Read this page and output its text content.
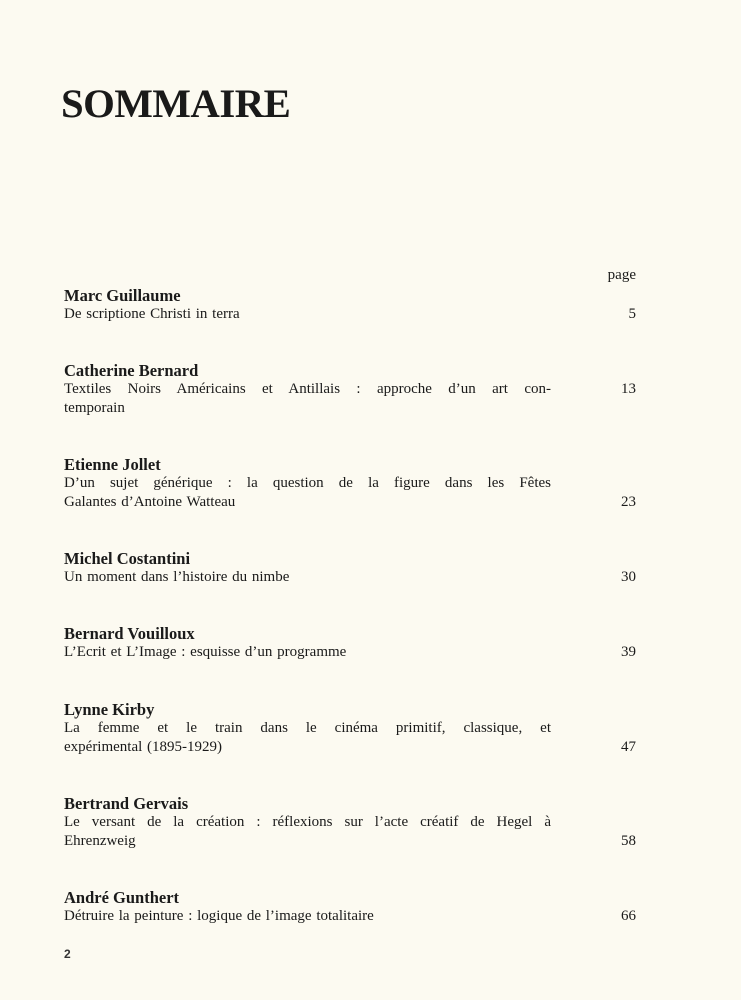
SOMMAIRE
page
Marc Guillaume
De scriptione Christi in terra	5
Catherine Bernard
Textiles Noirs Américains et Antillais : approche d’un art con-
temporain
13
Etienne Jollet
D’un sujet générique : la question de la figure dans les Fêtes
Galantes d’Antoine Watteau	23
Michel Costantini
Un moment dans l’histoire du nimbe	30
Bernard Vouilloux
L’Ecrit et L’Image : esquisse d’un programme	39
Lynne Kirby
La femme et le train dans le cinéma primitif, classique, et
expérimental (1895-1929)	47
Bertrand Gervais
Le versant de la création : réflexions sur l’acte créatif de Hegel à
Ehrenzweig	58
André Gunthert
Détruire la peinture : logique de l’image totalitaire	66
2
